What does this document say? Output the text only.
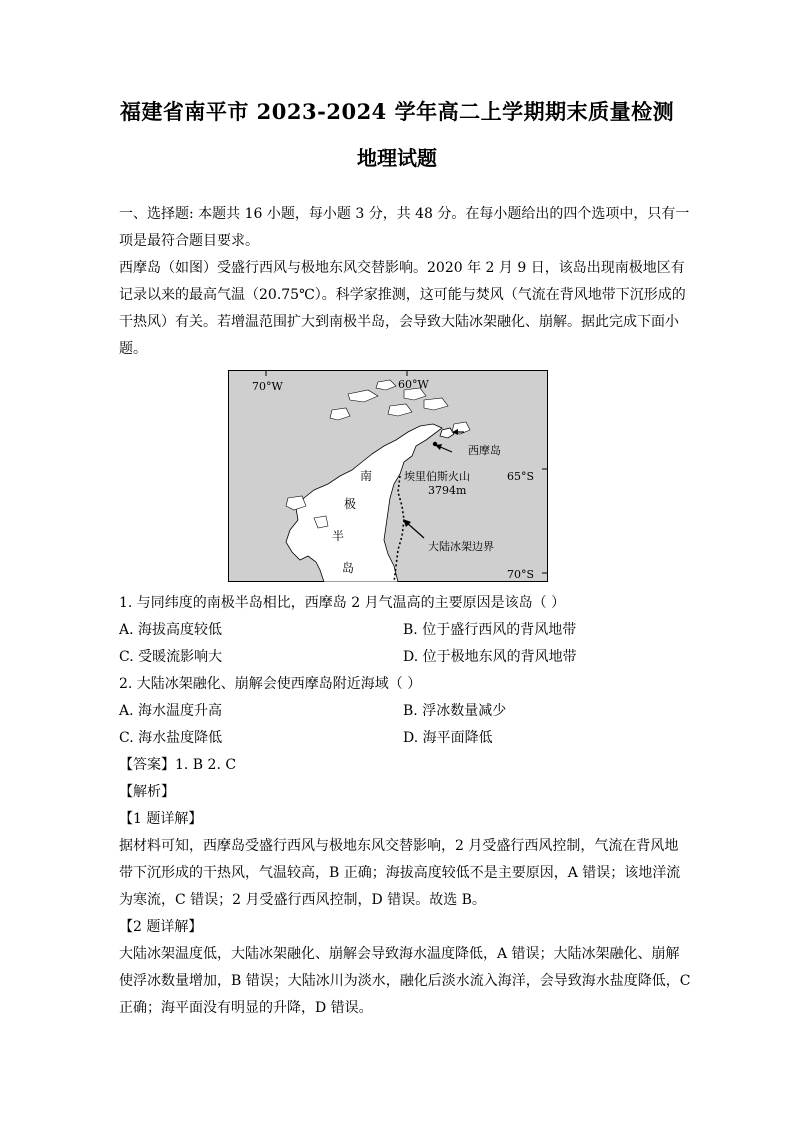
福建省南平市 2023-2024 学年高二上学期期末质量检测
地理试题
一、选择题: 本题共 16 小题，每小题 3 分，共 48 分。在每小题给出的四个选项中，只有一
项是最符合题目要求。
西摩岛（如图）受盛行西风与极地东风交替影响。2020 年 2 月 9 日，该岛出现南极地区有
记录以来的最高气温（20.75℃）。科学家推测，这可能与焚风（气流在背风地带下沉形成的
干热风）有关。若增温范围扩大到南极半岛，会导致大陆冰架融化、崩解。据此完成下面小
题。
70°W	60°W
65°S
70°S
西摩岛
埃里伯斯火山
3794m
大陆冰架边界
南
极
半
岛
1. 与同纬度的南极半岛相比，西摩岛 2 月气温高的主要原因是该岛（ ）
A. 海拔高度较低	B. 位于盛行西风的背风地带
C. 受暖流影响大	D. 位于极地东风的背风地带
2. 大陆冰架融化、崩解会使西摩岛附近海域（ ）
A. 海水温度升高	B. 浮冰数量减少
C. 海水盐度降低	D. 海平面降低
【答案】1. B 2. C
【解析】
【1 题详解】
据材料可知，西摩岛受盛行西风与极地东风交替影响，2 月受盛行西风控制，气流在背风地
带下沉形成的干热风，气温较高，B 正确；海拔高度较低不是主要原因，A 错误；该地洋流
为寒流，C 错误；2 月受盛行西风控制，D 错误。故选 B。
【2 题详解】
大陆冰架温度低，大陆冰架融化、崩解会导致海水温度降低，A 错误；大陆冰架融化、崩解
使浮冰数量增加，B 错误；大陆冰川为淡水，融化后淡水流入海洋，会导致海水盐度降低，C
正确；海平面没有明显的升降，D 错误。
